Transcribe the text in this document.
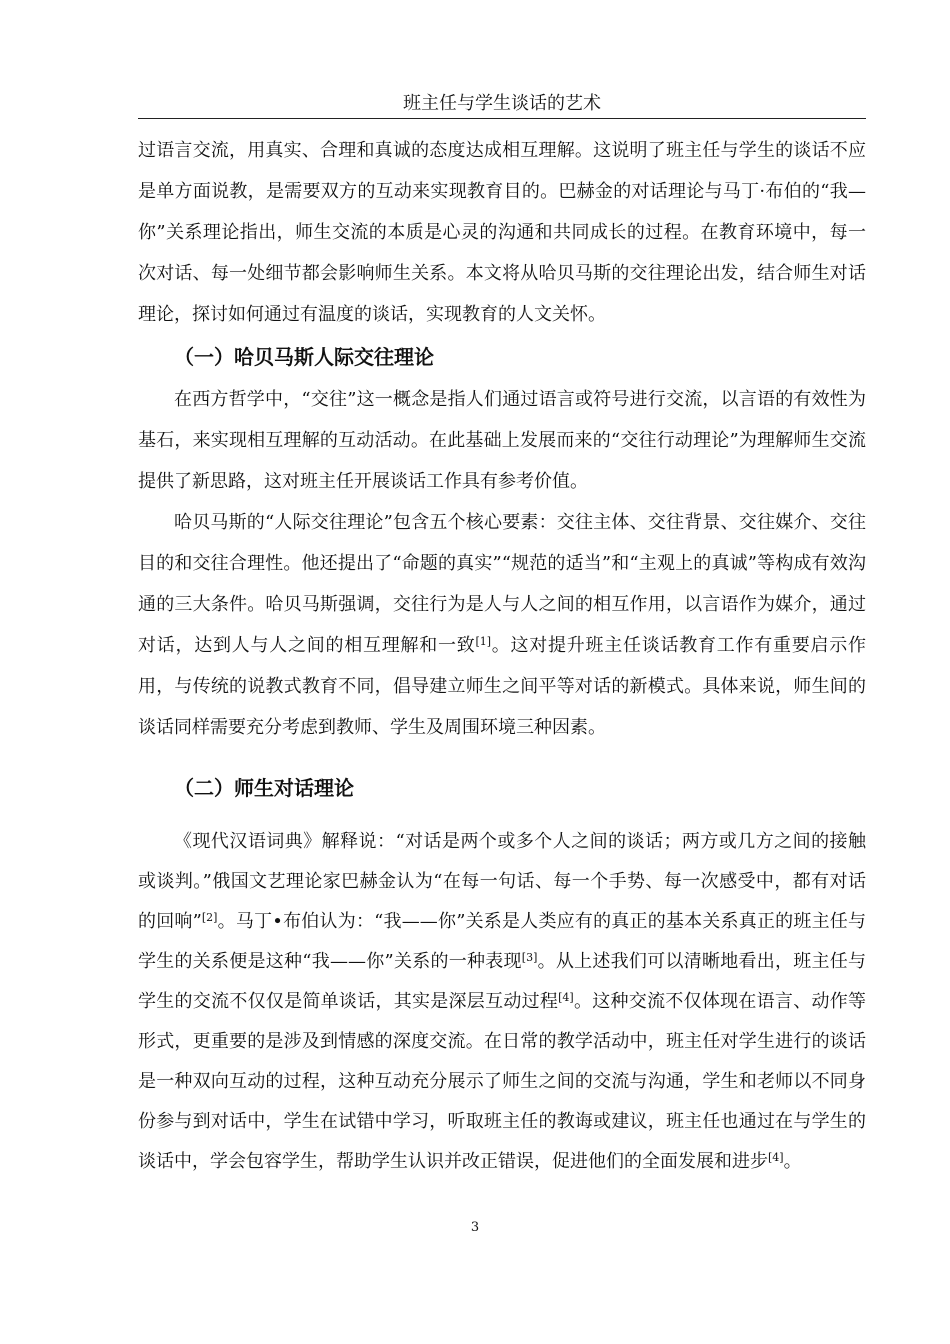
班主任与学生谈话的艺术

过语言交流，用真实、合理和真诚的态度达成相互理解。这说明了班主任与学生的谈话不应是单方面说教，是需要双方的互动来实现教育目的。巴赫金的对话理论与马丁·布伯的“我—你”关系理论指出，师生交流的本质是心灵的沟通和共同成长的过程。在教育环境中，每一次对话、每一处细节都会影响师生关系。本文将从哈贝马斯的交往理论出发，结合师生对话理论，探讨如何通过有温度的谈话，实现教育的人文关怀。

（一）哈贝马斯人际交往理论

在西方哲学中，“交往”这一概念是指人们通过语言或符号进行交流，以言语的有效性为基石，来实现相互理解的互动活动。在此基础上发展而来的“交往行动理论”为理解师生交流提供了新思路，这对班主任开展谈话工作具有参考价值。

哈贝马斯的“人际交往理论”包含五个核心要素：交往主体、交往背景、交往媒介、交往目的和交往合理性。他还提出了“命题的真实”“规范的适当”和“主观上的真诚”等构成有效沟通的三大条件。哈贝马斯强调，交往行为是人与人之间的相互作用，以言语作为媒介，通过对话，达到人与人之间的相互理解和一致[1]。这对提升班主任谈话教育工作有重要启示作用，与传统的说教式教育不同，倡导建立师生之间平等对话的新模式。具体来说，师生间的谈话同样需要充分考虑到教师、学生及周围环境三种因素。

（二）师生对话理论

《现代汉语词典》解释说：“对话是两个或多个人之间的谈话；两方或几方之间的接触或谈判。”俄国文艺理论家巴赫金认为“在每一句话、每一个手势、每一次感受中，都有对话的回响”[2]。马丁•布伯认为：“我——你”关系是人类应有的真正的基本关系真正的班主任与学生的关系便是这种“我——你”关系的一种表现[3]。从上述我们可以清晰地看出，班主任与学生的交流不仅仅是简单谈话，其实是深层互动过程[4]。这种交流不仅体现在语言、动作等形式，更重要的是涉及到情感的深度交流。在日常的教学活动中，班主任对学生进行的谈话是一种双向互动的过程，这种互动充分展示了师生之间的交流与沟通，学生和老师以不同身份参与到对话中，学生在试错中学习，听取班主任的教诲或建议，班主任也通过在与学生的谈话中，学会包容学生，帮助学生认识并改正错误，促进他们的全面发展和进步[4]。

3
